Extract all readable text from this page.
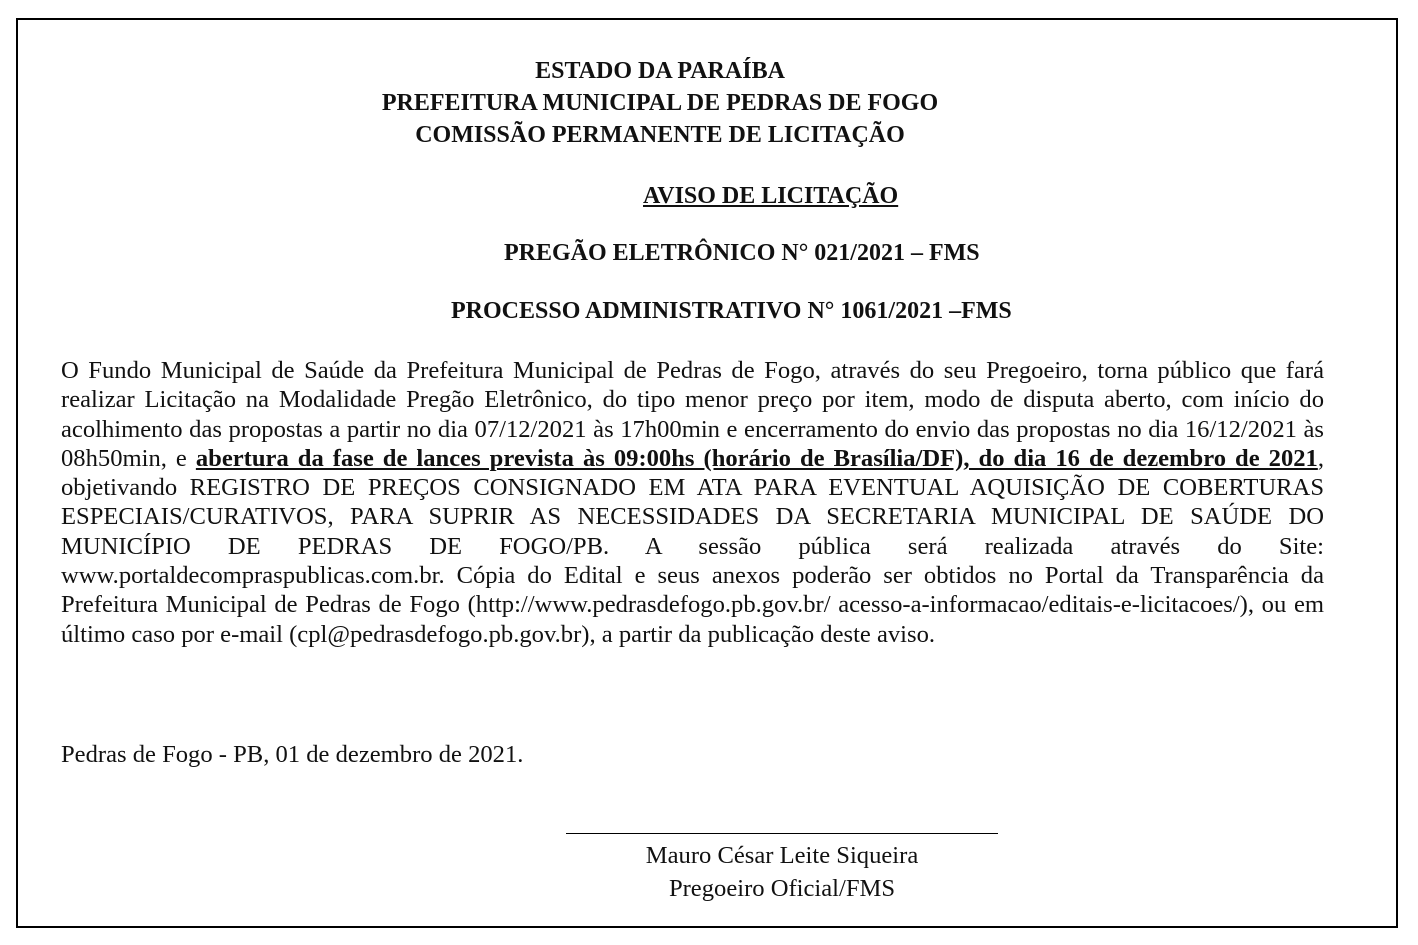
ESTADO DA PARAÍBA
PREFEITURA MUNICIPAL DE PEDRAS DE FOGO
COMISSÃO PERMANENTE DE LICITAÇÃO
AVISO DE LICITAÇÃO
PREGÃO ELETRÔNICO N° 021/2021 – FMS
PROCESSO ADMINISTRATIVO N° 1061/2021 –FMS
O Fundo Municipal de Saúde da Prefeitura Municipal de Pedras de Fogo, através do seu Pregoeiro, torna público que fará realizar Licitação na Modalidade Pregão Eletrônico, do tipo menor preço por item, modo de disputa aberto, com início do acolhimento das propostas a partir no dia 07/12/2021 às 17h00min e encerramento do envio das propostas no dia 16/12/2021 às 08h50min, e abertura da fase de lances prevista às 09:00hs (horário de Brasília/DF), do dia 16 de dezembro de 2021, objetivando REGISTRO DE PREÇOS CONSIGNADO EM ATA PARA EVENTUAL AQUISIÇÃO DE COBERTURAS ESPECIAIS/CURATIVOS, PARA SUPRIR AS NECESSIDADES DA SECRETARIA MUNICIPAL DE SAÚDE DO MUNICÍPIO DE PEDRAS DE FOGO/PB. A sessão pública será realizada através do Site: www.portaldecompraspublicas.com.br. Cópia do Edital e seus anexos poderão ser obtidos no Portal da Transparência da Prefeitura Municipal de Pedras de Fogo (http://www.pedrasdefogo.pb.gov.br/ acesso-a-informacao/editais-e-licitacoes/), ou em último caso por e-mail (cpl@pedrasdefogo.pb.gov.br), a partir da publicação deste aviso.
Pedras de Fogo - PB, 01 de dezembro de 2021.
Mauro César Leite Siqueira
Pregoeiro Oficial/FMS
